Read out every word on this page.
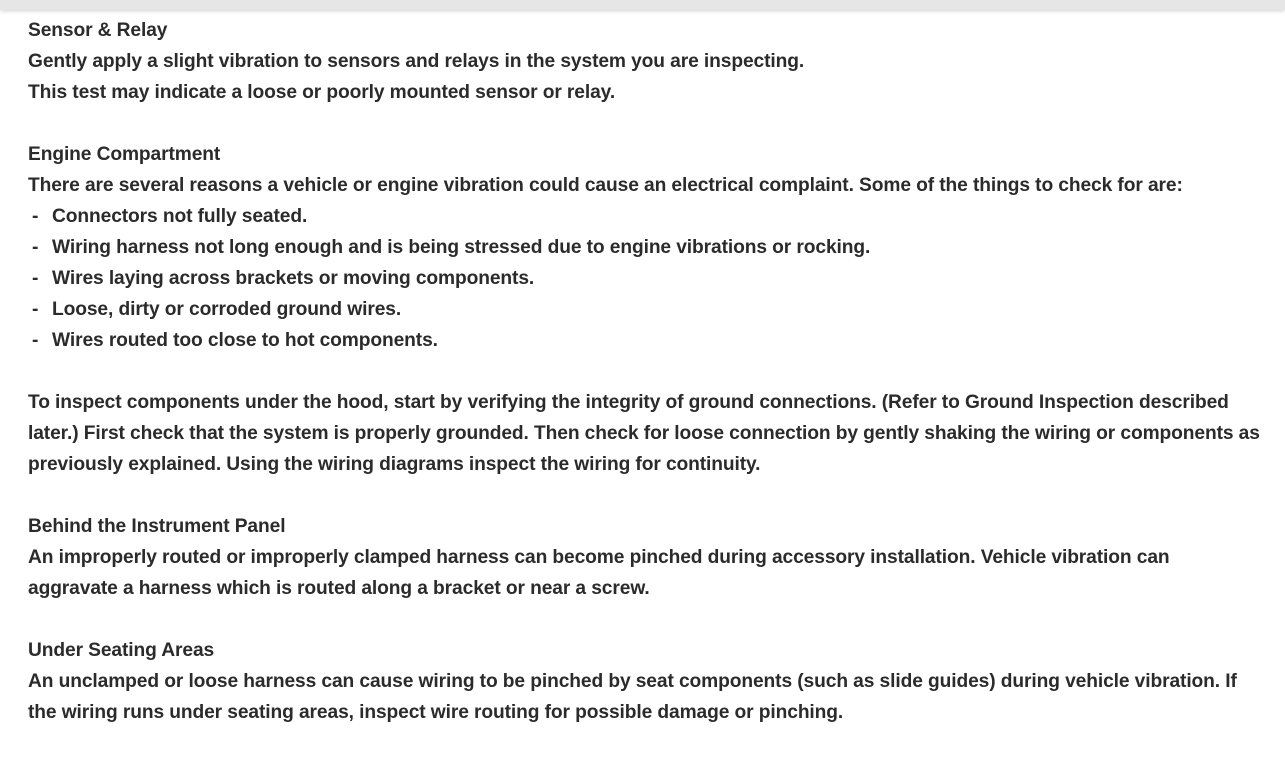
Sensor & Relay

Gently apply a slight vibration to sensors and relays in the system you are inspecting.

This test may indicate a loose or poorly mounted sensor or relay.

Engine Compartment

There are several reasons a vehicle or engine vibration could cause an electrical complaint. Some of the things to check for are:

- Connectors not fully seated.
- Wiring harness not long enough and is being stressed due to engine vibrations or rocking.
- Wires laying across brackets or moving components.
- Loose, dirty or corroded ground wires.
- Wires routed too close to hot components.

To inspect components under the hood, start by verifying the integrity of ground connections. (Refer to Ground Inspection described later.) First check that the system is properly grounded. Then check for loose connection by gently shaking the wiring or components as previously explained. Using the wiring diagrams inspect the wiring for continuity.

Behind the Instrument Panel

An improperly routed or improperly clamped harness can become pinched during accessory installation. Vehicle vibration can aggravate a harness which is routed along a bracket or near a screw.

Under Seating Areas

An unclamped or loose harness can cause wiring to be pinched by seat components (such as slide guides) during vehicle vibration. If the wiring runs under seating areas, inspect wire routing for possible damage or pinching.
